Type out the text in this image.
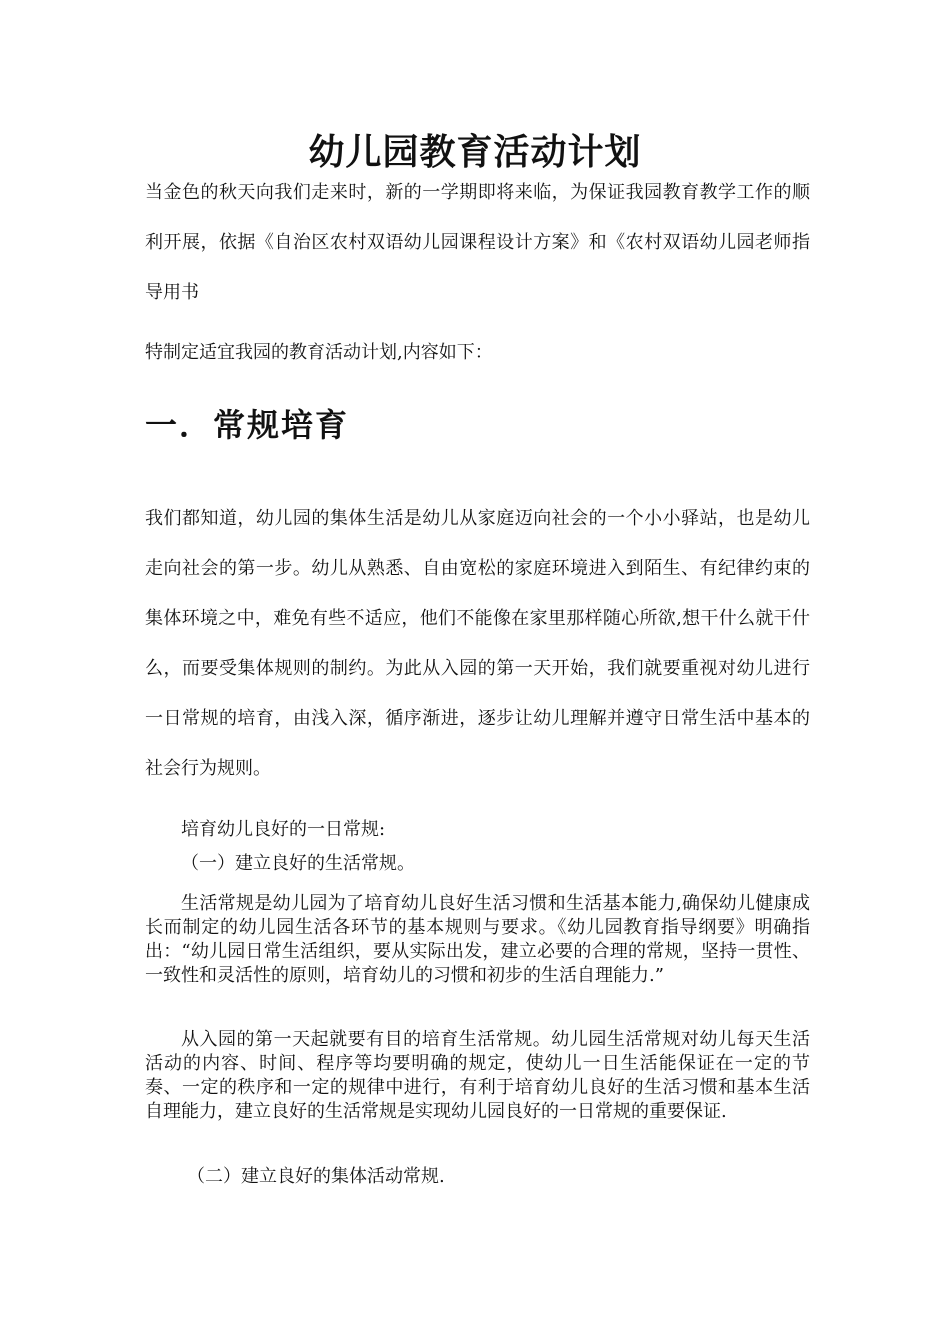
幼儿园教育活动计划

当金色的秋天向我们走来时，新的一学期即将来临，为保证我园教育教学工作的顺利开展，依据《自治区农村双语幼儿园课程设计方案》和《农村双语幼儿园老师指导用书

特制定适宜我园的教育活动计划,内容如下：

一．常规培育

我们都知道，幼儿园的集体生活是幼儿从家庭迈向社会的一个小小驿站，也是幼儿走向社会的第一步。幼儿从熟悉、自由宽松的家庭环境进入到陌生、有纪律约束的集体环境之中，难免有些不适应，他们不能像在家里那样随心所欲,想干什么就干什么，而要受集体规则的制约。为此从入园的第一天开始，我们就要重视对幼儿进行一日常规的培育，由浅入深，循序渐进，逐步让幼儿理解并遵守日常生活中基本的社会行为规则。

培育幼儿良好的一日常规:

（一）建立良好的生活常规。

生活常规是幼儿园为了培育幼儿良好生活习惯和生活基本能力,确保幼儿健康成长而制定的幼儿园生活各环节的基本规则与要求。《幼儿园教育指导纲要》明确指出：“幼儿园日常生活组织，要从实际出发，建立必要的合理的常规，坚持一贯性、一致性和灵活性的原则，培育幼儿的习惯和初步的生活自理能力.”

从入园的第一天起就要有目的培育生活常规。幼儿园生活常规对幼儿每天生活活动的内容、时间、程序等均要明确的规定，使幼儿一日生活能保证在一定的节奏、一定的秩序和一定的规律中进行，有利于培育幼儿良好的生活习惯和基本生活自理能力，建立良好的生活常规是实现幼儿园良好的一日常规的重要保证.

（二）建立良好的集体活动常规.
